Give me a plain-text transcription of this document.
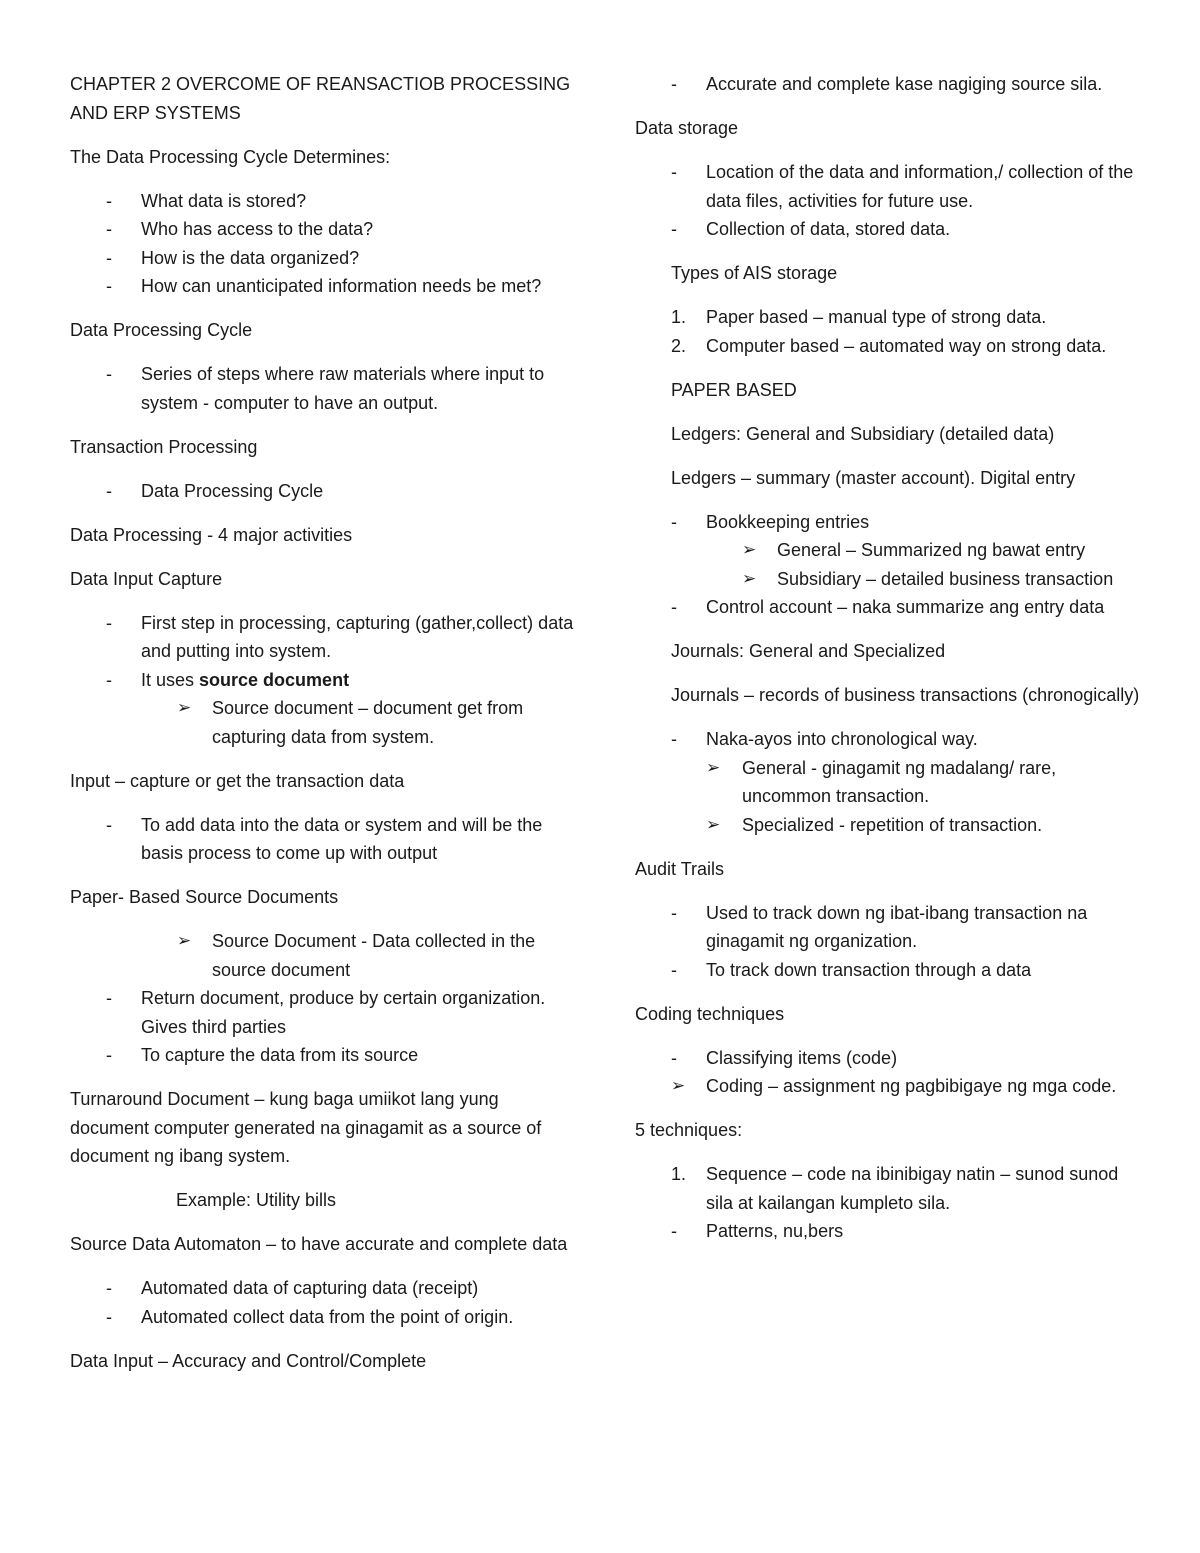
CHAPTER 2 OVERCOME OF REANSACTIOB PROCESSING
AND ERP SYSTEMS
The Data Processing Cycle Determines:
- What data is stored?
- Who has access to the data?
- How is the data organized?
- How can unanticipated information needs be met?
Data Processing Cycle
- Series of steps where raw materials where input to system - computer to have an output.
Transaction Processing
- Data Processing Cycle
Data Processing - 4 major activities
Data Input Capture
- First step in processing, capturing (gather,collect) data and putting into system.
- It uses source document
➢ Source document – document get from capturing data from system.
Input – capture or get the transaction data
- To add data into the data or system and will be the basis process to come up with output
Paper- Based Source Documents
➢ Source Document - Data collected in the source document
- Return document, produce by certain organization. Gives third parties
- To capture the data from its source
Turnaround Document – kung baga umiikot lang yung document computer generated na ginagamit as a source of document ng ibang system.
Example: Utility bills
Source Data Automaton – to have accurate and complete data
- Automated data of capturing data (receipt)
- Automated collect data from the point of origin.
Data Input – Accuracy and Control/Complete
- Accurate and complete kase nagiging source sila.
Data storage
- Location of the data and information,/ collection of the data files, activities for future use.
- Collection of data, stored data.
Types of AIS storage
1. Paper based – manual type of strong data.
2. Computer based – automated way on strong data.
PAPER BASED
Ledgers: General and Subsidiary (detailed data)
Ledgers – summary (master account). Digital entry
- Bookkeeping entries
➢ General – Summarized ng bawat entry
➢ Subsidiary – detailed business transaction
- Control account – naka summarize ang entry data
Journals: General and Specialized
Journals – records of business transactions (chronogically)
- Naka-ayos into chronological way.
➢ General - ginagamit ng madalang/ rare, uncommon transaction.
➢ Specialized - repetition of transaction.
Audit Trails
- Used to track down ng ibat-ibang transaction na ginagamit ng organization.
- To track down transaction through a data
Coding techniques
- Classifying items (code)
➢ Coding – assignment ng pagbibigaye ng mga code.
5 techniques:
1. Sequence – code na ibinibigay natin – sunod sunod sila at kailangan kumpleto sila.
- Patterns, nu,bers
